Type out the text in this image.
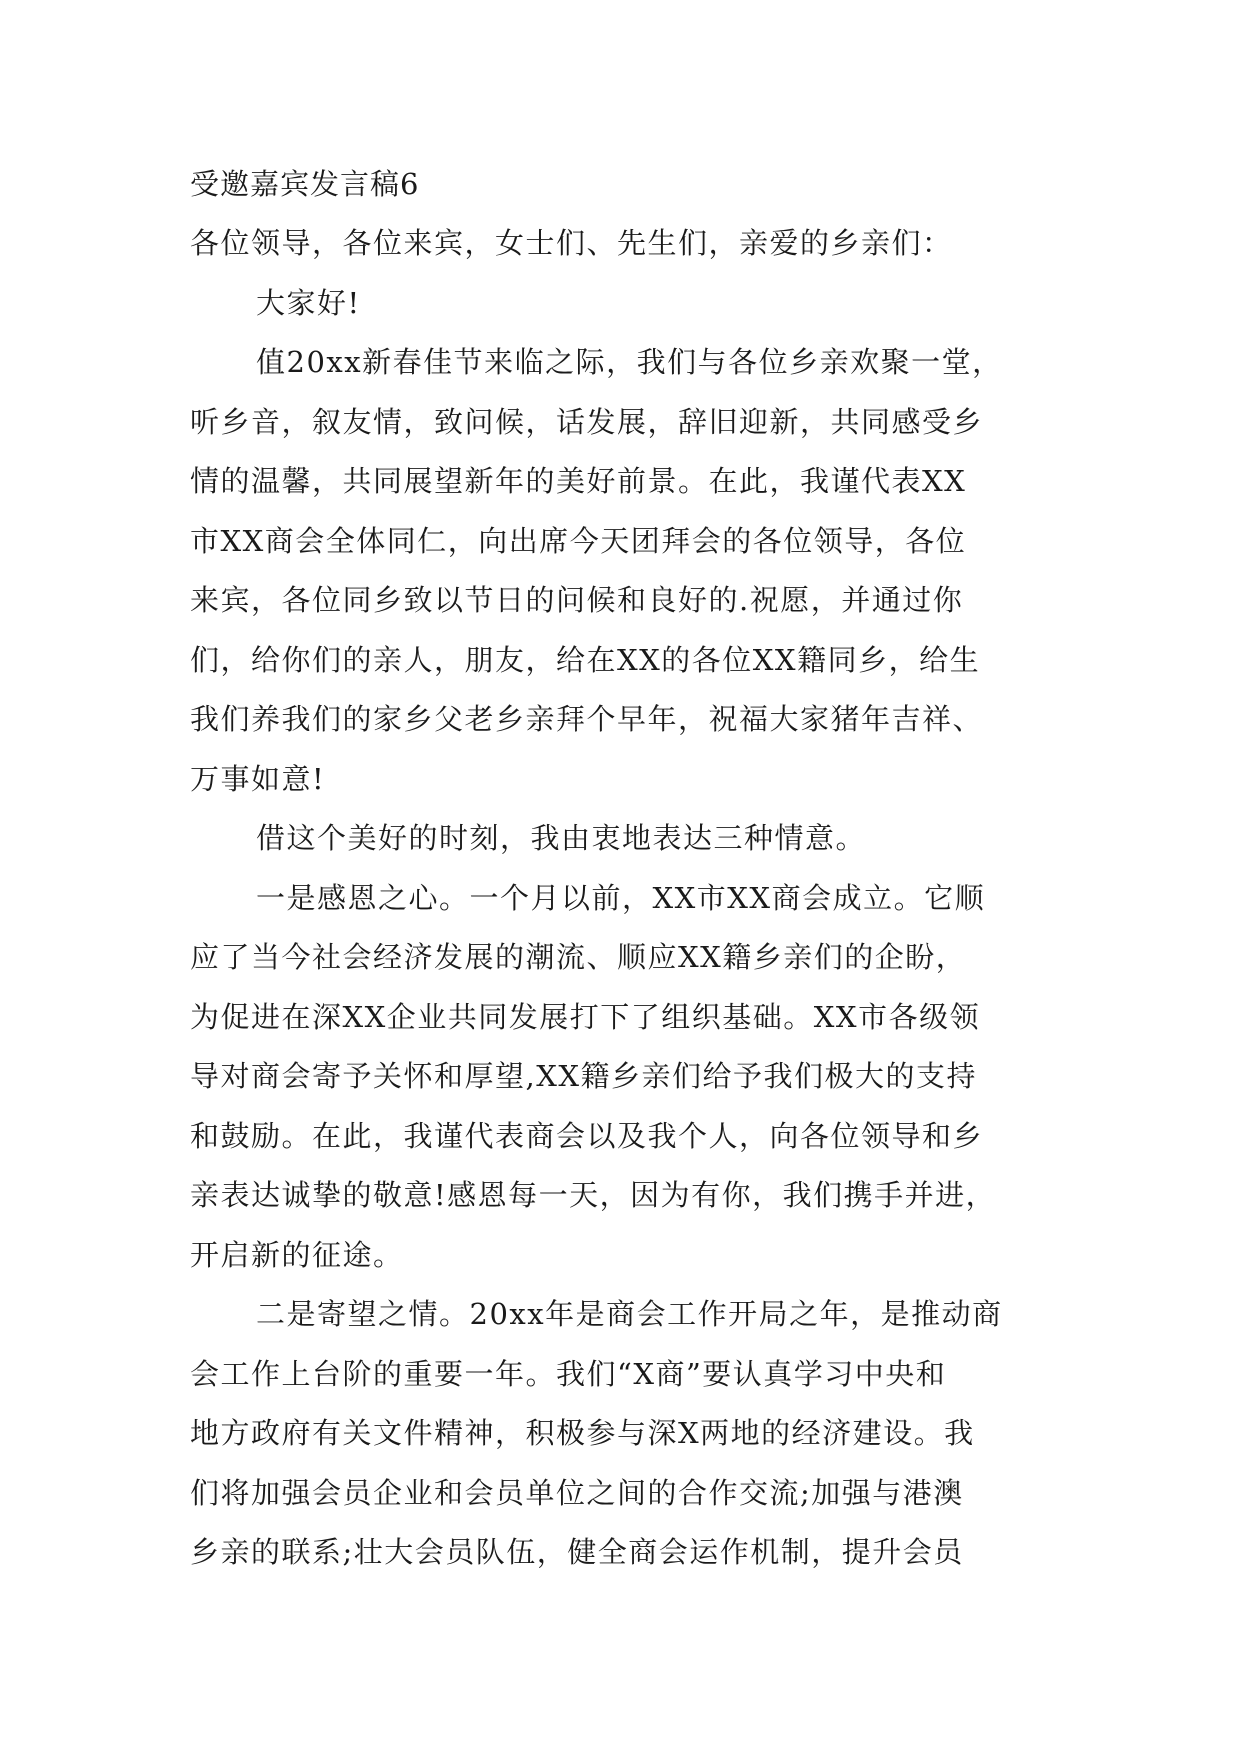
受邀嘉宾发言稿6
各位领导，各位来宾，女士们、先生们，亲爱的乡亲们：
大家好!
值20xx新春佳节来临之际，我们与各位乡亲欢聚一堂，
听乡音，叙友情，致问候，话发展，辞旧迎新，共同感受乡
情的温馨，共同展望新年的美好前景。在此，我谨代表XX
市XX商会全体同仁，向出席今天团拜会的各位领导，各位
来宾，各位同乡致以节日的问候和良好的.祝愿，并通过你
们，给你们的亲人，朋友，给在XX的各位XX籍同乡，给生
我们养我们的家乡父老乡亲拜个早年，祝福大家猪年吉祥、
万事如意!
借这个美好的时刻，我由衷地表达三种情意。
一是感恩之心。一个月以前，XX市XX商会成立。它顺
应了当今社会经济发展的潮流、顺应XX籍乡亲们的企盼，
为促进在深XX企业共同发展打下了组织基础。XX市各级领
导对商会寄予关怀和厚望,XX籍乡亲们给予我们极大的支持
和鼓励。在此，我谨代表商会以及我个人，向各位领导和乡
亲表达诚挚的敬意!感恩每一天，因为有你，我们携手并进，
开启新的征途。
二是寄望之情。20xx年是商会工作开局之年，是推动商
会工作上台阶的重要一年。我们“X商”要认真学习中央和
地方政府有关文件精神，积极参与深X两地的经济建设。我
们将加强会员企业和会员单位之间的合作交流;加强与港澳
乡亲的联系;壮大会员队伍，健全商会运作机制，提升会员
